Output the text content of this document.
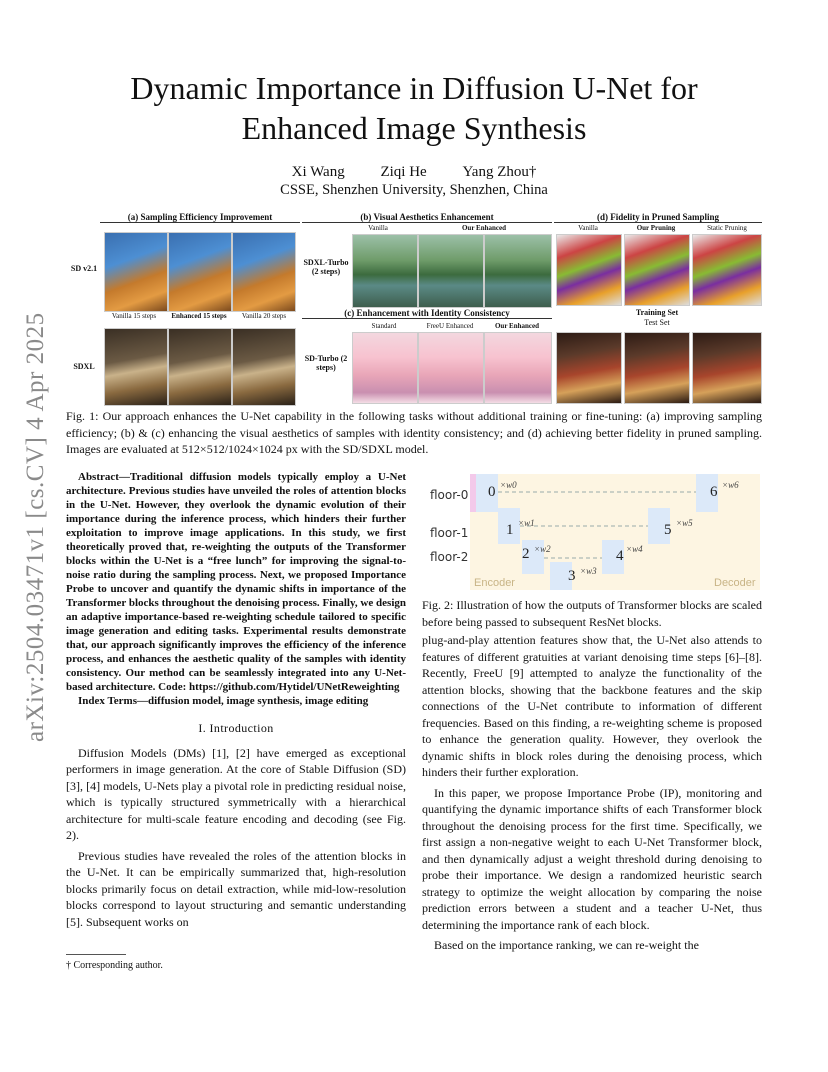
arXiv:2504.03471v1 [cs.CV] 4 Apr 2025
Dynamic Importance in Diffusion U-Net for
Enhanced Image Synthesis
Xi Wang Ziqi He Yang Zhou†
CSSE, Shenzhen University, Shenzhen, China
(a) Sampling Efficiency Improvement	(b) Visual Aesthetics Enhancement	(d) Fidelity in Pruned Sampling
SD v2.1
Vanilla 15 steps	Enhanced 15 steps	Vanilla 20 steps
SDXL
Vanilla	Our Enhanced
SDXL-Turbo (2 steps)
(c) Enhancement with Identity Consistency
Standard	FreeU Enhanced	Our Enhanced
SD-Turbo (2 steps)
Vanilla	Our Pruning	Static Pruning
Training Set
Test Set
Fig. 1: Our approach enhances the U-Net capability in the following tasks without additional training or fine-tuning: (a) improving sampling efficiency; (b) & (c) enhancing the visual aesthetics of samples with identity consistency; and (d) achieving better fidelity in pruned sampling. Images are evaluated at 512×512/1024×1024 px with the SD/SDXL model.

Abstract—Traditional diffusion models typically employ a U-Net architecture. Previous studies have unveiled the roles of attention blocks in the U-Net. However, they overlook the dynamic evolution of their importance during the inference process, which hinders their further exploitation to improve image applications. In this study, we first theoretically proved that, re-weighting the outputs of the Transformer blocks within the U-Net is a “free lunch” for improving the signal-to-noise ratio during the sampling process. Next, we proposed Importance Probe to uncover and quantify the dynamic shifts in importance of the Transformer blocks throughout the denoising process. Finally, we design an adaptive importance-based re-weighting schedule tailored to specific image generation and editing tasks. Experimental results demonstrate that, our approach significantly improves the efficiency of the inference process, and enhances the aesthetic quality of the samples with identity consistency. Our method can be seamlessly integrated into any U-Net-based architecture. Code: https://github.com/Hytidel/UNetReweighting

Index Terms—diffusion model, image synthesis, image editing

I. Introduction

Diffusion Models (DMs) [1], [2] have emerged as exceptional performers in image generation. At the core of Stable Diffusion (SD) [3], [4] models, U-Nets play a pivotal role in predicting residual noise, which is typically structured symmetrically with a hierarchical architecture for multi-scale feature encoding and decoding (see Fig. 2).

Previous studies have revealed the roles of the attention blocks in the U-Net. It can be empirically summarized that, high-resolution blocks primarily focus on detail extraction, while mid-low-resolution blocks correspond to layout structuring and semantic understanding [5]. Subsequent works on

† Corresponding author.
Encoder	Decoder
floor-0
floor-1
floor-2
0 ×w0
1 ×w1
2 ×w2
3 ×w3
4 ×w4
5 ×w5
6 ×w6
Fig. 2: Illustration of how the outputs of Transformer blocks are scaled before being passed to subsequent ResNet blocks.

plug-and-play attention features show that, the U-Net also attends to features of different gratuities at variant denoising time steps [6]–[8]. Recently, FreeU [9] attempted to analyze the functionality of the attention blocks, showing that the backbone features and the skip connections of the U-Net contribute to information of different frequencies. Based on this finding, a re-weighting scheme is proposed to enhance the generation quality. However, they overlook the dynamic shifts in block roles during the denoising process, which hinders their further exploration.

In this paper, we propose Importance Probe (IP), monitoring and quantifying the dynamic importance shifts of each Transformer block throughout the denoising process for the first time. Specifically, we first assign a non-negative weight to each U-Net Transformer block, and then dynamically adjust a weight threshold during denoising to probe their importance. We design a randomized heuristic search strategy to optimize the weight allocation by comparing the noise prediction errors between a student and a teacher U-Net, thus determining the importance rank of each block.

Based on the importance ranking, we can re-weight the
